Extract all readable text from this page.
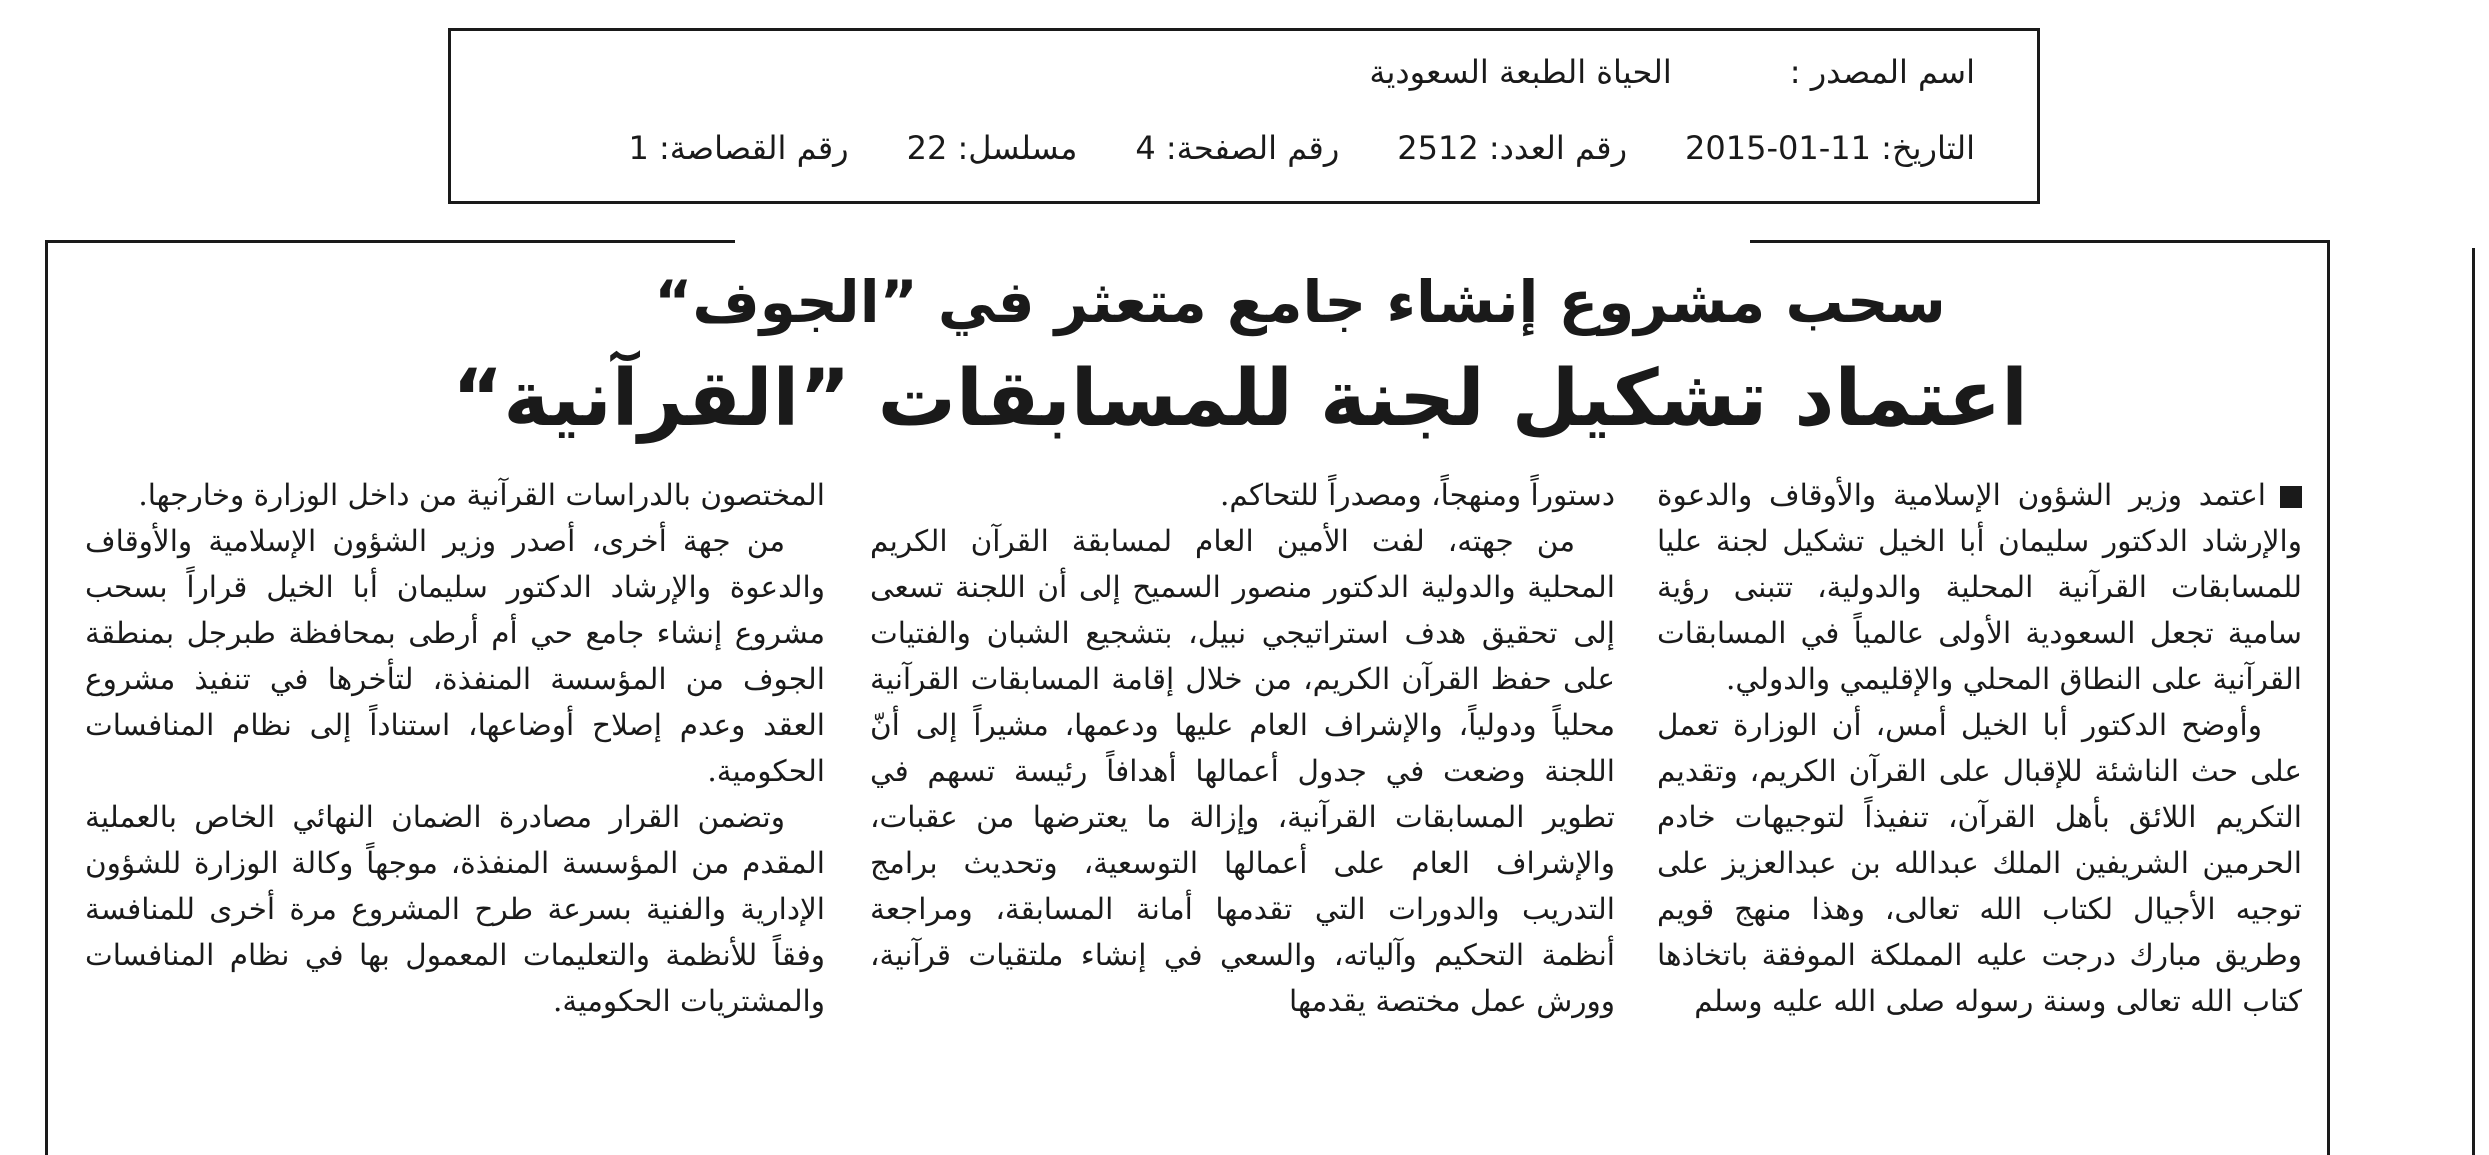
اسم المصدر :الحياة الطبعة السعودية
التاريخ: 11-01-2015رقم العدد: 2512رقم الصفحة: 4مسلسل: 22رقم القصاصة: 1
سحب مشروع إنشاء جامع متعثر في ”الجوف“
اعتماد تشكيل لجنة للمسابقات ”القرآنية“

اعتمد وزير الشؤون الإسلامية والأوقاف والدعوة والإرشاد الدكتور سليمان أبا الخيل تشكيل لجنة عليا للمسابقات القرآنية المحلية والدولية، تتبنى رؤية سامية تجعل السعودية الأولى عالمياً في المسابقات القرآنية على النطاق المحلي والإقليمي والدولي.

وأوضح الدكتور أبا الخيل أمس، أن الوزارة تعمل على حث الناشئة للإقبال على القرآن الكريم، وتقديم التكريم اللائق بأهل القرآن، تنفيذاً لتوجيهات خادم الحرمين الشريفين الملك عبدالله بن عبدالعزيز على توجيه الأجيال لكتاب الله تعالى، وهذا منهج قويم وطريق مبارك درجت عليه المملكة الموفقة باتخاذها كتاب الله تعالى وسنة رسوله صلى الله عليه وسلم

دستوراً ومنهجاً، ومصدراً للتحاكم.

من جهته، لفت الأمين العام لمسابقة القرآن الكريم المحلية والدولية الدكتور منصور السميح إلى أن اللجنة تسعى إلى تحقيق هدف استراتيجي نبيل، بتشجيع الشبان والفتيات على حفظ القرآن الكريم، من خلال إقامة المسابقات القرآنية محلياً ودولياً، والإشراف العام عليها ودعمها، مشيراً إلى أنّ اللجنة وضعت في جدول أعمالها أهدافاً رئيسة تسهم في تطوير المسابقات القرآنية، وإزالة ما يعترضها من عقبات، والإشراف العام على أعمالها التوسعية، وتحديث برامج التدريب والدورات التي تقدمها أمانة المسابقة، ومراجعة أنظمة التحكيم وآلياته، والسعي في إنشاء ملتقيات قرآنية، وورش عمل مختصة يقدمها

المختصون بالدراسات القرآنية من داخل الوزارة وخارجها.

من جهة أخرى، أصدر وزير الشؤون الإسلامية والأوقاف والدعوة والإرشاد الدكتور سليمان أبا الخيل قراراً بسحب مشروع إنشاء جامع حي أم أرطى بمحافظة طبرجل بمنطقة الجوف من المؤسسة المنفذة، لتأخرها في تنفيذ مشروع العقد وعدم إصلاح أوضاعها، استناداً إلى نظام المنافسات الحكومية.

وتضمن القرار مصادرة الضمان النهائي الخاص بالعملية المقدم من المؤسسة المنفذة، موجهاً وكالة الوزارة للشؤون الإدارية والفنية بسرعة طرح المشروع مرة أخرى للمنافسة وفقاً للأنظمة والتعليمات المعمول بها في نظام المنافسات والمشتريات الحكومية.
